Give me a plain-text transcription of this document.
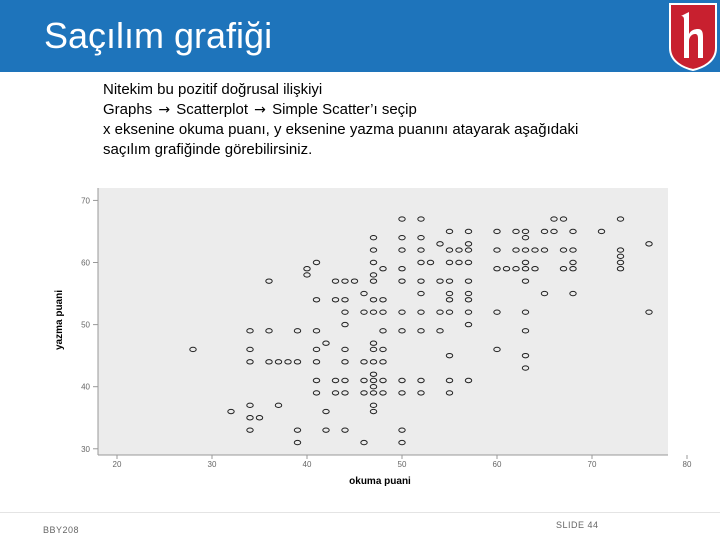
Saçılım grafiği
Nitekim bu pozitif doğrusal ilişkiyi
Graphs → Scatterplot → Simple Scatter’ı seçip
x eksenine okuma puanı, y eksenine yazma puanını atayarak aşağıdaki
saçılım grafiğinde görebilirsiniz.
30
40
50
60
70
20	30	40	50	60	70	80
okuma puani
yazma puani
BBY208	SLIDE 44
